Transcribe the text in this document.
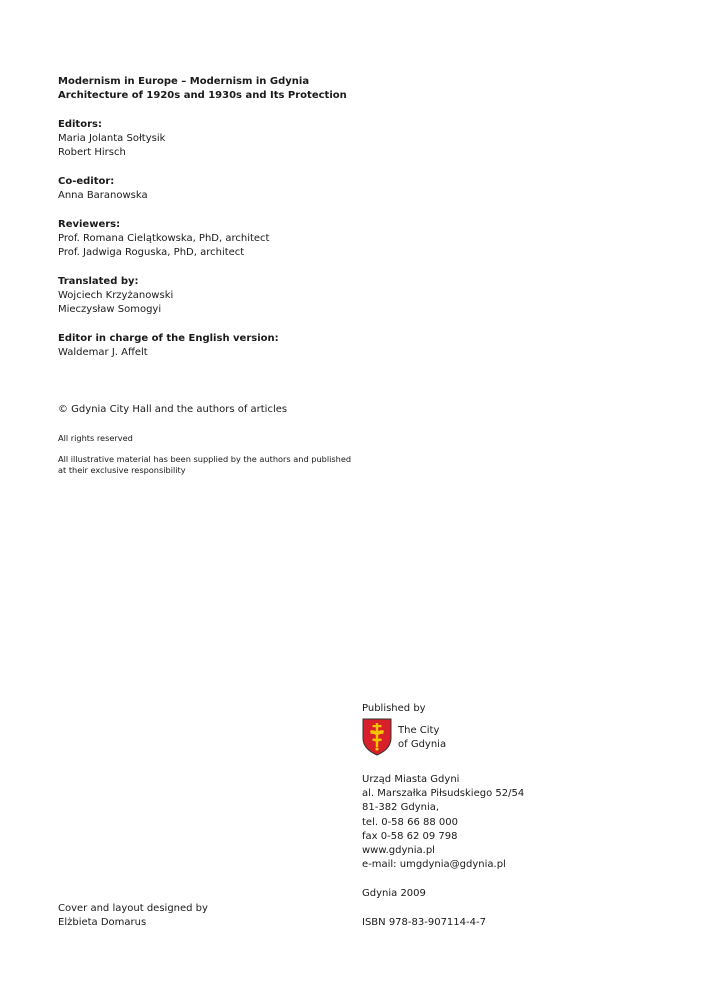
Modernism in Europe – Modernism in Gdynia
Architecture of 1920s and 1930s and Its Protection
Editors:
Maria Jolanta Sołtysik
Robert Hirsch
Co-editor:
Anna Baranowska
Reviewers:
Prof. Romana Cielątkowska, PhD, architect
Prof. Jadwiga Roguska, PhD, architect
Translated by:
Wojciech Krzyżanowski
Mieczysław Somogyi
Editor in charge of the English version:
Waldemar J. Affelt
© Gdynia City Hall and the authors of articles
All rights reserved
All illustrative material has been supplied by the authors and published
at their exclusive responsibility
Published by
The City
of Gdynia
Urząd Miasta Gdyni
al. Marszałka Piłsudskiego 52/54
81-382 Gdynia,
tel. 0-58 66 88 000
fax 0-58 62 09 798
www.gdynia.pl
e-mail: umgdynia@gdynia.pl
Gdynia 2009
Cover and layout designed by
Elżbieta Domarus	ISBN 978-83-907114-4-7
